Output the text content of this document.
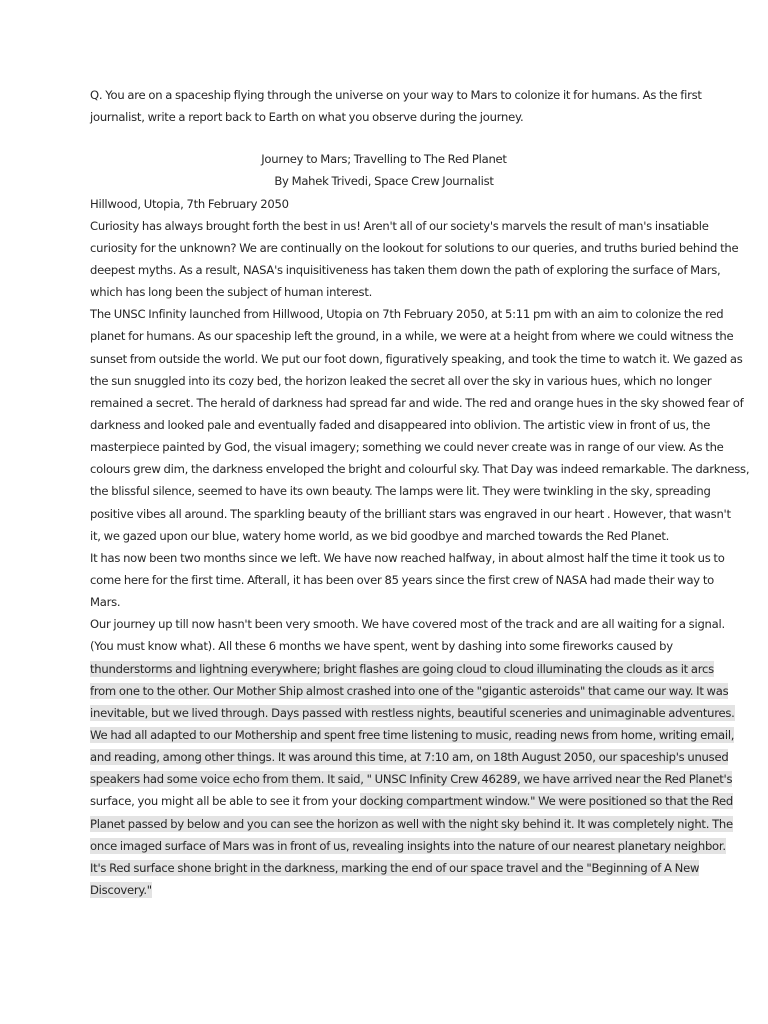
Q. You are on a spaceship flying through the universe on your way to Mars to colonize it for humans. As the first
journalist, write a report back to Earth on what you observe during the journey.
Journey to Mars; Travelling to The Red Planet
By Mahek Trivedi, Space Crew Journalist
Hillwood, Utopia, 7th February 2050
Curiosity has always brought forth the best in us! Aren't all of our society's marvels the result of man's insatiable
curiosity for the unknown? We are continually on the lookout for solutions to our queries, and truths buried behind the
deepest myths. As a result, NASA's inquisitiveness has taken them down the path of exploring the surface of Mars,
which has long been the subject of human interest.
The UNSC Infinity launched from Hillwood, Utopia on 7th February 2050, at 5:11 pm with an aim to colonize the red
planet for humans. As our spaceship left the ground, in a while, we were at a height from where we could witness the
sunset from outside the world. We put our foot down, figuratively speaking, and took the time to watch it. We gazed as
the sun snuggled into its cozy bed, the horizon leaked the secret all over the sky in various hues, which no longer
remained a secret. The herald of darkness had spread far and wide. The red and orange hues in the sky showed fear of
darkness and looked pale and eventually faded and disappeared into oblivion. The artistic view in front of us, the
masterpiece painted by God, the visual imagery; something we could never create was in range of our view. As the
colours grew dim, the darkness enveloped the bright and colourful sky. That Day was indeed remarkable. The darkness,
the blissful silence, seemed to have its own beauty. The lamps were lit. They were twinkling in the sky, spreading
positive vibes all around. The sparkling beauty of the brilliant stars was engraved in our heart . However, that wasn't
it, we gazed upon our blue, watery home world, as we bid goodbye and marched towards the Red Planet.
It has now been two months since we left. We have now reached halfway, in about almost half the time it took us to
come here for the first time. Afterall, it has been over 85 years since the first crew of NASA had made their way to
Mars.
Our journey up till now hasn't been very smooth. We have covered most of the track and are all waiting for a signal.
(You must know what). All these 6 months we have spent, went by dashing into some fireworks caused by
thunderstorms and lightning everywhere; bright flashes are going cloud to cloud illuminating the clouds as it arcs
from one to the other. Our Mother Ship almost crashed into one of the "gigantic asteroids" that came our way. It was
inevitable, but we lived through. Days passed with restless nights, beautiful sceneries and unimaginable adventures.
We had all adapted to our Mothership and spent free time listening to music, reading news from home, writing email,
and reading, among other things. It was around this time, at 7:10 am, on 18th August 2050, our spaceship's unused
speakers had some voice echo from them. It said, " UNSC Infinity Crew 46289, we have arrived near the Red Planet's
surface, you might all be able to see it from your docking compartment window." We were positioned so that the Red
Planet passed by below and you can see the horizon as well with the night sky behind it. It was completely night. The
once imaged surface of Mars was in front of us, revealing insights into the nature of our nearest planetary neighbor.
It's Red surface shone bright in the darkness, marking the end of our space travel and the "Beginning of A New
Discovery."
